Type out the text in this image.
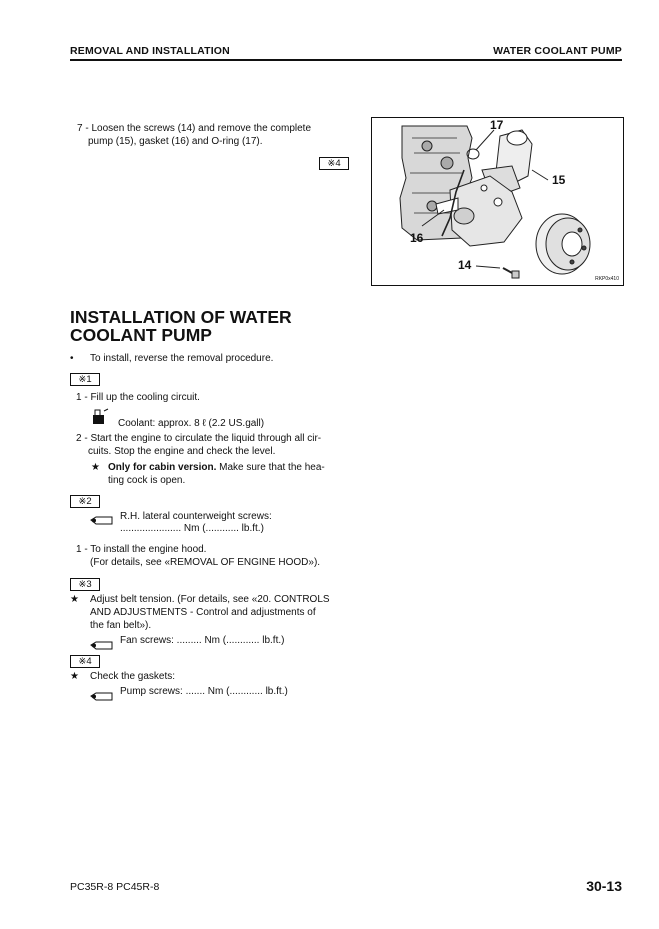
REMOVAL AND INSTALLATION	WATER COOLANT PUMP
7 - Loosen the screws (14) and remove the complete
pump (15), gasket (16) and O-ring (17).
※4
17
15
16
14
RKP0x410
INSTALLATION OF WATER
COOLANT PUMP
• To install, reverse the removal procedure.
※1
1 - Fill up the cooling circuit.
Coolant: approx. 8 ℓ (2.2 US.gall)
2 - Start the engine to circulate the liquid through all cir-
cuits. Stop the engine and check the level.
★ Only for cabin version. Make sure that the hea-
ting cock is open.
※2
R.H. lateral counterweight screws:
...................... Nm (............ lb.ft.)
1 - To install the engine hood.
(For details, see «REMOVAL OF ENGINE HOOD»).
※3
★ Adjust belt tension. (For details, see «20. CONTROLS
AND ADJUSTMENTS - Control and adjustments of
the fan belt»).
Fan screws: ......... Nm (............ lb.ft.)
※4
★ Check the gaskets:
Pump screws: ....... Nm (............ lb.ft.)
PC35R-8 PC45R-8	30-13
